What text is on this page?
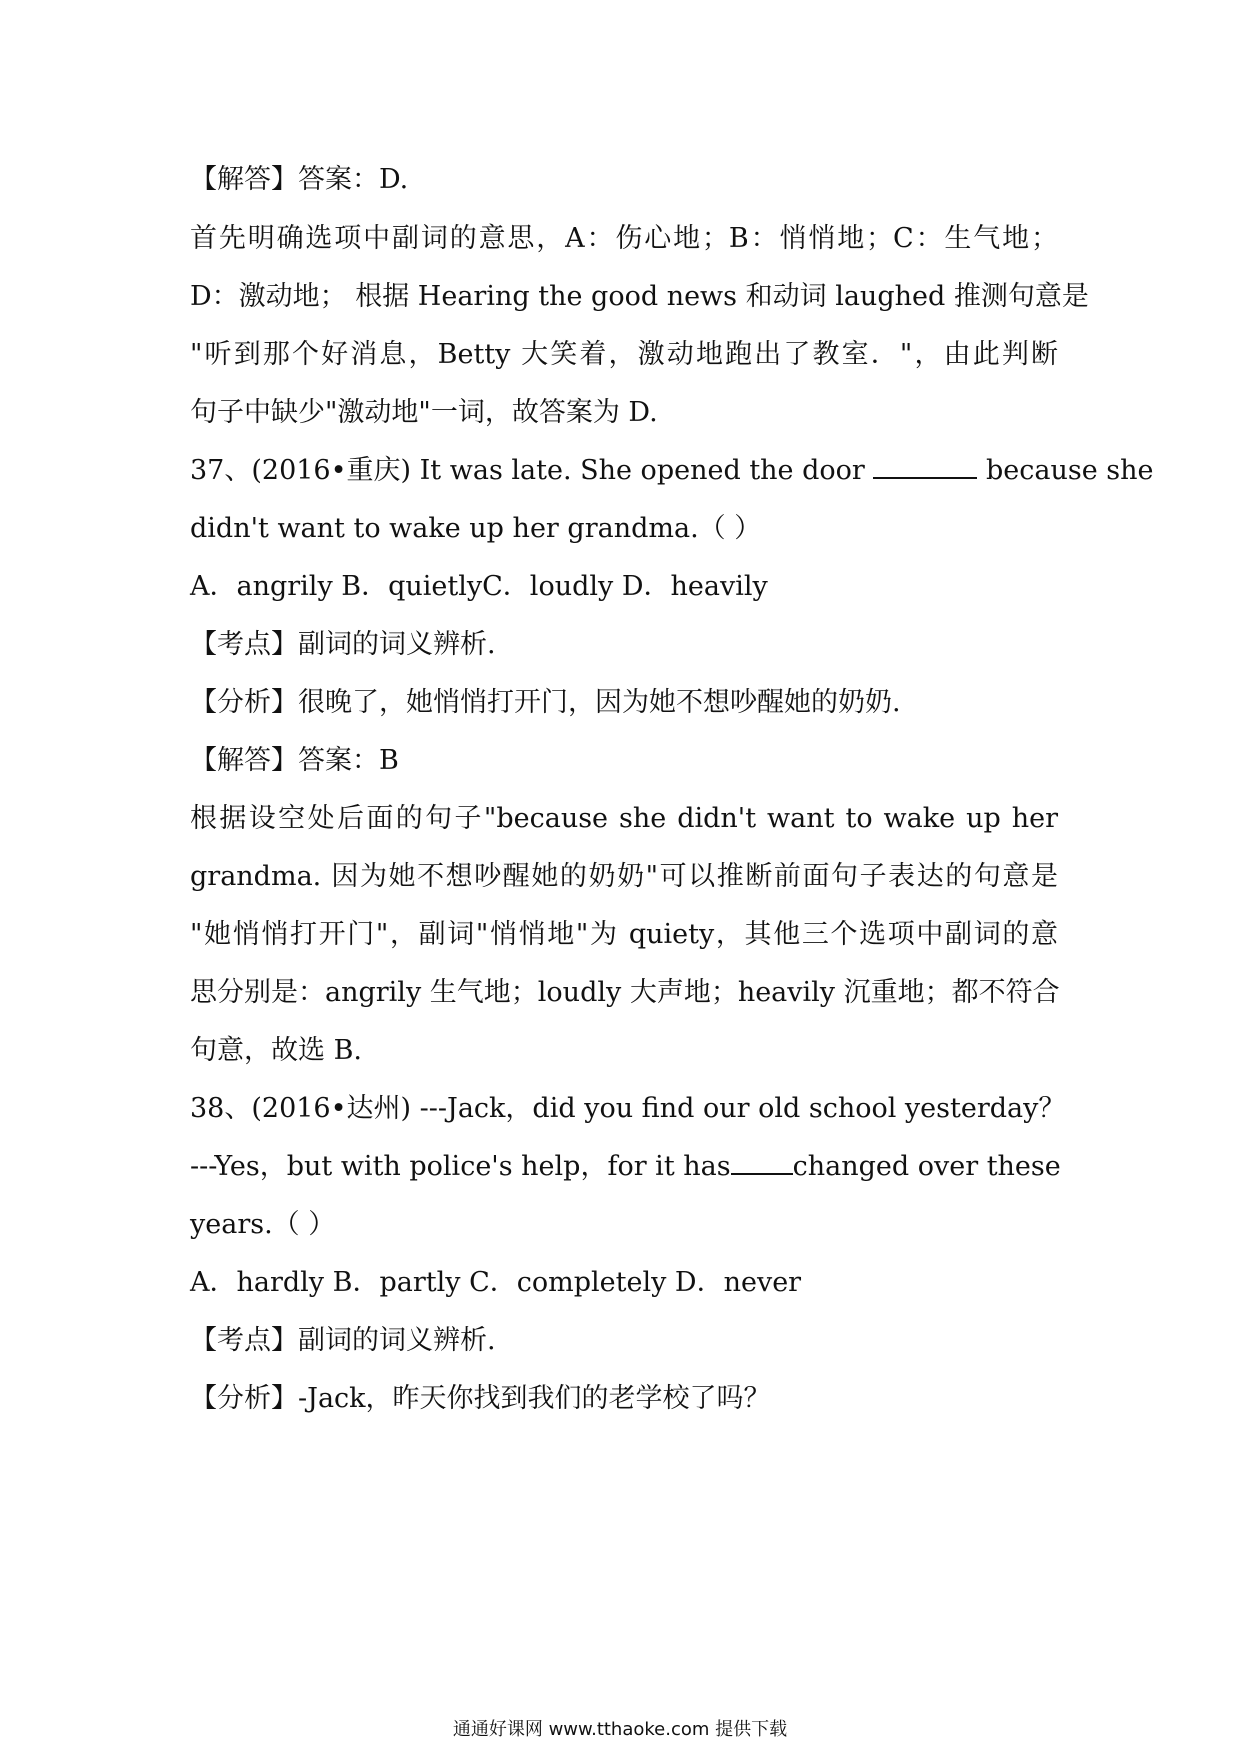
【解答】答案：D.
首先明确选项中副词的意思，A：伤心地；B：悄悄地；C：生气地；
D：激动地； 根据 Hearing the good news 和动词 laughed 推测句意是
"听到那个好消息，Betty 大笑着，激动地跑出了教室．"，由此判断
句子中缺少"激动地"一词，故答案为 D.
37、(2016•重庆) It was late. She opened the door	because she
didn't want to wake up her grandma.（ ）
A．angrily B．quietlyC．loudly D．heavily
【考点】副词的词义辨析.
【分析】很晚了，她悄悄打开门，因为她不想吵醒她的奶奶.
【解答】答案：B
根据设空处后面的句子"because she didn't want to wake up her
grandma. 因为她不想吵醒她的奶奶"可以推断前面句子表达的句意是
"她悄悄打开门"，副词"悄悄地"为 quiety，其他三个选项中副词的意
思分别是：angrily 生气地；loudly 大声地；heavily 沉重地；都不符合
句意，故选 B.
38、(2016•达州) ---Jack，did you find our old school yesterday？
---Yes，but with police's help，for it has	changed over these
years.（ ）
A．hardly B．partly C．completely D．never
【考点】副词的词义辨析.
【分析】-Jack，昨天你找到我们的老学校了吗？
通通好课网 www.tthaoke.com 提供下载
